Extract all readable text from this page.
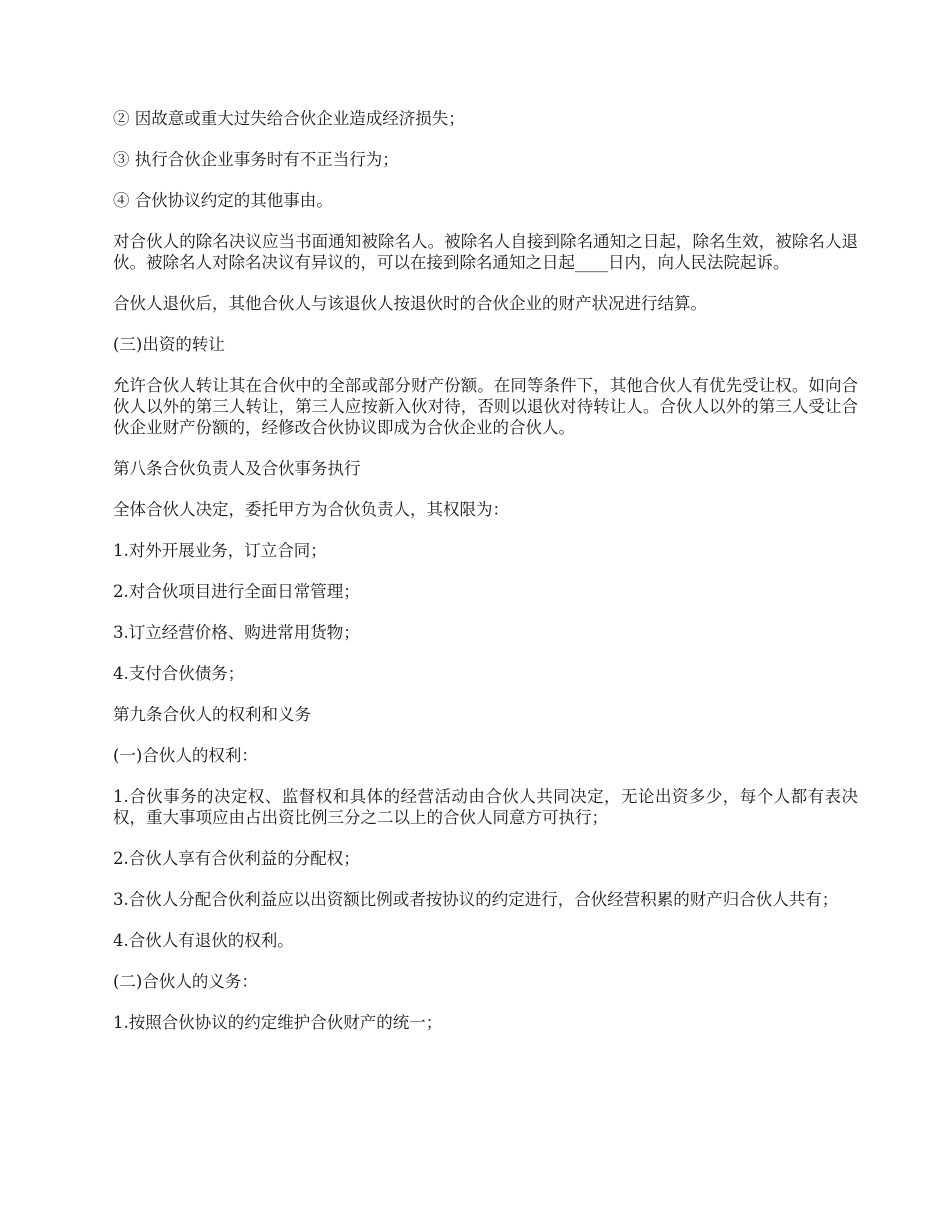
② 因故意或重大过失给合伙企业造成经济损失；

③ 执行合伙企业事务时有不正当行为；

④ 合伙协议约定的其他事由。

对合伙人的除名决议应当书面通知被除名人。被除名人自接到除名通知之日起，除名生效，被除名人退伙。被除名人对除名决议有异议的，可以在接到除名通知之日起____日内，向人民法院起诉。

合伙人退伙后，其他合伙人与该退伙人按退伙时的合伙企业的财产状况进行结算。

(三)出资的转让

允许合伙人转让其在合伙中的全部或部分财产份额。在同等条件下，其他合伙人有优先受让权。如向合伙人以外的第三人转让，第三人应按新入伙对待，否则以退伙对待转让人。合伙人以外的第三人受让合伙企业财产份额的，经修改合伙协议即成为合伙企业的合伙人。

第八条合伙负责人及合伙事务执行

全体合伙人决定，委托甲方为合伙负责人，其权限为：

1.对外开展业务，订立合同；

2.对合伙项目进行全面日常管理；

3.订立经营价格、购进常用货物；

4.支付合伙债务；

第九条合伙人的权利和义务

(一)合伙人的权利：

1.合伙事务的决定权、监督权和具体的经营活动由合伙人共同决定，无论出资多少，每个人都有表决权，重大事项应由占出资比例三分之二以上的合伙人同意方可执行；

2.合伙人享有合伙利益的分配权；

3.合伙人分配合伙利益应以出资额比例或者按协议的约定进行，合伙经营积累的财产归合伙人共有；

4.合伙人有退伙的权利。

(二)合伙人的义务：

1.按照合伙协议的约定维护合伙财产的统一；
